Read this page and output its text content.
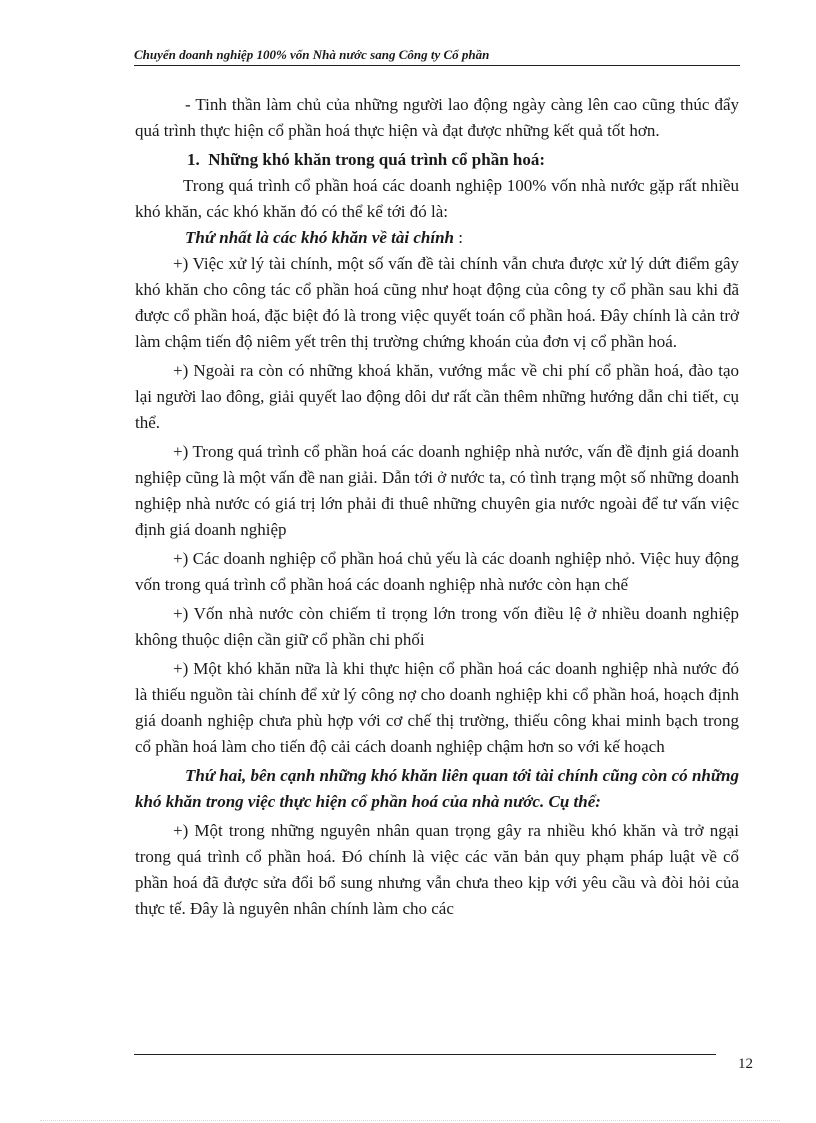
Chuyển doanh nghiệp 100% vốn Nhà nước sang Công ty Cổ phần

- Tinh thần làm chủ của những người lao động ngày càng lên cao cũng thúc đẩy quá trình thực hiện cổ phần hoá thực hiện và đạt được những kết quả tốt hơn.

1. Những khó khăn trong quá trình cổ phần hoá:

Trong quá trình cổ phần hoá các doanh nghiệp 100% vốn nhà nước gặp rất nhiều khó khăn, các khó khăn đó có thể kể tới đó là:

Thứ nhất là các khó khăn về tài chính :

+) Việc xử lý tài chính, một số vấn đề tài chính vẫn chưa được xử lý dứt điểm gây khó khăn cho công tác cổ phần hoá cũng như hoạt động của công ty cổ phần sau khi đã được cổ phần hoá, đặc biệt đó là trong việc quyết toán cổ phần hoá. Đây chính là cản trở làm chậm tiến độ niêm yết trên thị trường chứng khoán của đơn vị cổ phần hoá.

+) Ngoài ra còn có những khoá khăn, vướng mắc về chi phí cổ phần hoá, đào tạo lại người lao đông, giải quyết lao động dôi dư rất cần thêm những hướng dẫn chi tiết, cụ thể.

+) Trong quá trình cổ phần hoá các doanh nghiệp nhà nước, vấn đề định giá doanh nghiệp cũng là một vấn đề nan giải. Dẫn tới ở nước ta, có tình trạng một số những doanh nghiệp nhà nước có giá trị lớn phải đi thuê những chuyên gia nước ngoài để tư vấn việc định giá doanh nghiệp

+) Các doanh nghiệp cổ phần hoá chủ yếu là các doanh nghiệp nhỏ. Việc huy động vốn trong quá trình cổ phần hoá các doanh nghiệp nhà nước còn hạn chế

+) Vốn nhà nước còn chiếm tỉ trọng lớn trong vốn điều lệ ở nhiều doanh nghiệp không thuộc diện cần giữ cổ phần chi phối

+) Một khó khăn nữa là khi thực hiện cổ phần hoá các doanh nghiệp nhà nước đó là thiếu nguồn tài chính để xử lý công nợ cho doanh nghiệp khi cổ phần hoá, hoạch định giá doanh nghiệp chưa phù hợp với cơ chế thị trường, thiếu công khai minh bạch trong cổ phần hoá làm cho tiến độ cải cách doanh nghiệp chậm hơn so với kế hoạch

Thứ hai, bên cạnh những khó khăn liên quan tới tài chính cũng còn có những khó khăn trong việc thực hiện cổ phần hoá của nhà nước. Cụ thể:

+) Một trong những nguyên nhân quan trọng gây ra nhiều khó khăn và trở ngại trong quá trình cổ phần hoá. Đó chính là việc các văn bản quy phạm pháp luật về cổ phần hoá đã được sửa đổi bổ sung nhưng vẫn chưa theo kịp với yêu cầu và đòi hỏi của thực tế. Đây là nguyên nhân chính làm cho các

12
